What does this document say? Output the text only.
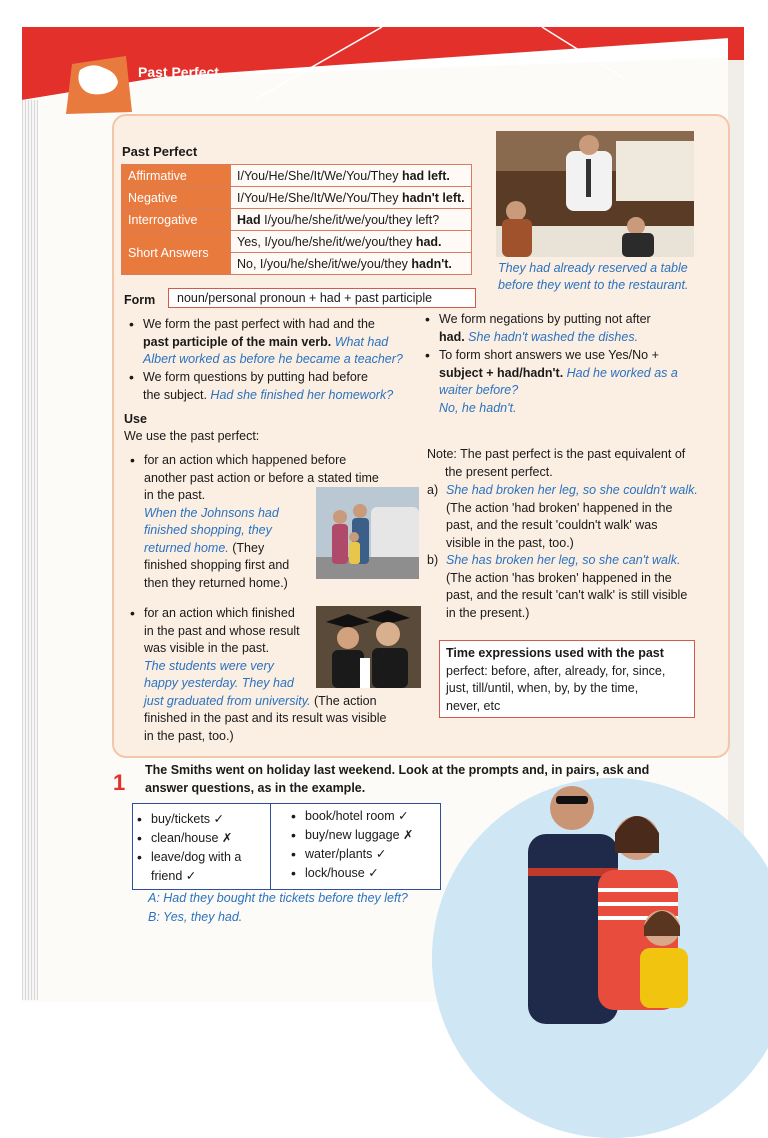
Past Perfect
Past Perfect
Affirmative	I/You/He/She/It/We/You/They had left.
Negative	I/You/He/She/It/We/You/They hadn't left.
Interrogative	Had I/you/he/she/it/we/you/they left?
Short Answers	Yes, I/you/he/she/it/we/you/they had.
	No, I/you/he/she/it/we/you/they hadn't.	They had already reserved a table
before they went to the restaurant.
Form	noun/personal pronoun + had + past participle
• We form the past perfect with had and the
past participle of the main verb. What had
Albert worked as before he became a teacher?
• We form questions by putting had before
the subject. Had she finished her homework?
• We form negations by putting not after
had. She hadn't washed the dishes.
• To form short answers we use Yes/No +
subject + had/hadn't. Had he worked as a
waiter before?
No, he hadn't.
Use
We use the past perfect:
• for an action which happened before
another past action or before a stated time
in the past.
When the Johnsons had
finished shopping, they
returned home. (They
finished shopping first and
then they returned home.)
• for an action which finished
in the past and whose result
was visible in the past.
The students were very
happy yesterday. They had
just graduated from university. (The action
finished in the past and its result was visible
in the past, too.)
Note: The past perfect is the past equivalent of
the present perfect.
a) She had broken her leg, so she couldn't walk.
(The action 'had broken' happened in the
past, and the result 'couldn't walk' was
visible in the past, too.)
b) She has broken her leg, so she can't walk.
(The action 'has broken' happened in the
past, and the result 'can't walk' is still visible
in the present.)
Time expressions used with the past
perfect: before, after, already, for, since,
just, till/until, when, by, by the time,
never, etc
1 The Smiths went on holiday last weekend. Look at the prompts and, in pairs, ask and
answer questions, as in the example.
• buy/tickets ✓
• clean/house ✗
• leave/dog with a
friend ✓
• book/hotel room ✓
• buy/new luggage ✗
• water/plants ✓
• lock/house ✓
A: Had they bought the tickets before they left?
B: Yes, they had.
